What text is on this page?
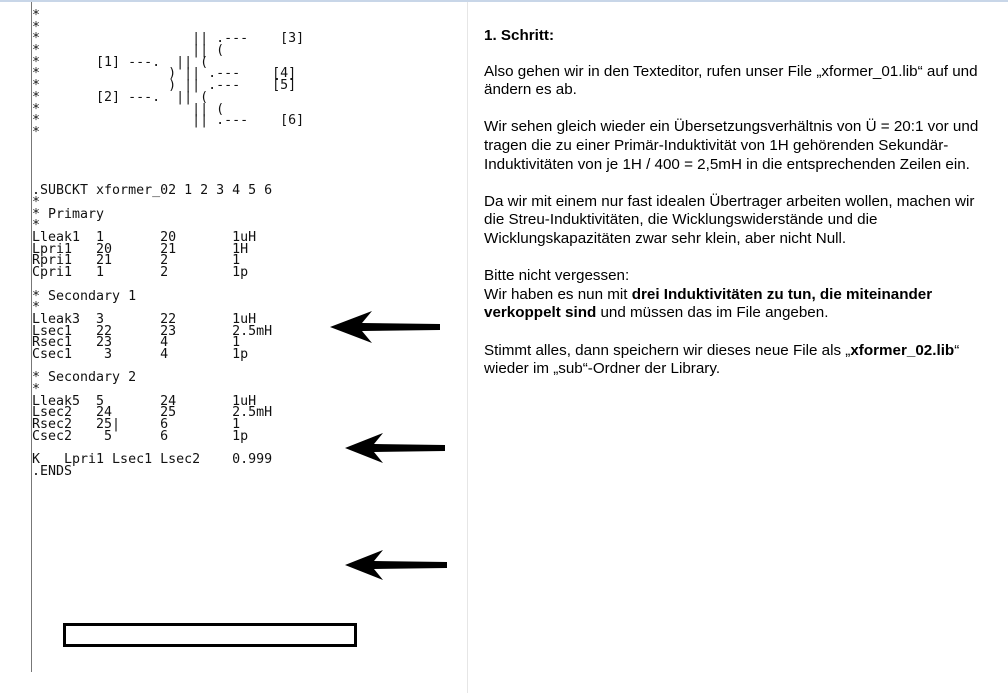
*
*
*                   || .---    [3]
*                   || (
*       [1] ---.  || (
*                ) || .---    [4]
*                ) || .---    [5]
*       [2] ---.  || (
*                   || (
*                   || .---    [6]
*
.SUBCKT xformer_02 1 2 3 4 5 6
*
* Primary
*
Lleak1  1       20       1uH
Lpri1   20      21       1H
Rpri1   21      2        1
Cpri1   1       2        1p
* Secondary 1
*
Lleak3  3       22       1uH
Lsec1   22      23       2.5mH
Rsec1   23      4        1
Csec1    3      4        1p
* Secondary 2
*
Lleak5  5       24       1uH
Lsec2   24      25       2.5mH
Rsec2   25|     6        1
Csec2    5      6        1p
K   Lpri1 Lsec1 Lsec2    0.999
.ENDS
1. Schritt:

Also gehen wir in den Texteditor, rufen unser File „xformer_01.lib“ auf und ändern es ab.

Wir sehen gleich wieder ein Übersetzungsverhältnis von Ü = 20:1 vor und tragen die zu einer Primär-Induktivität von 1H gehörenden Sekundär-Induktivitäten von je 1H / 400 = 2,5mH in die entsprechenden Zeilen ein.

Da wir mit einem nur fast idealen Übertrager arbeiten wollen, machen wir die Streu-Induktivitäten, die Wicklungswiderstände und die Wicklungskapazitäten zwar sehr klein, aber nicht Null.

Bitte nicht vergessen:
Wir haben es nun mit drei Induktivitäten zu tun, die miteinander verkoppelt sind und müssen das im File angeben.

Stimmt alles, dann speichern wir dieses neue File als „xformer_02.lib“ wieder im „sub“-Ordner der Library.
